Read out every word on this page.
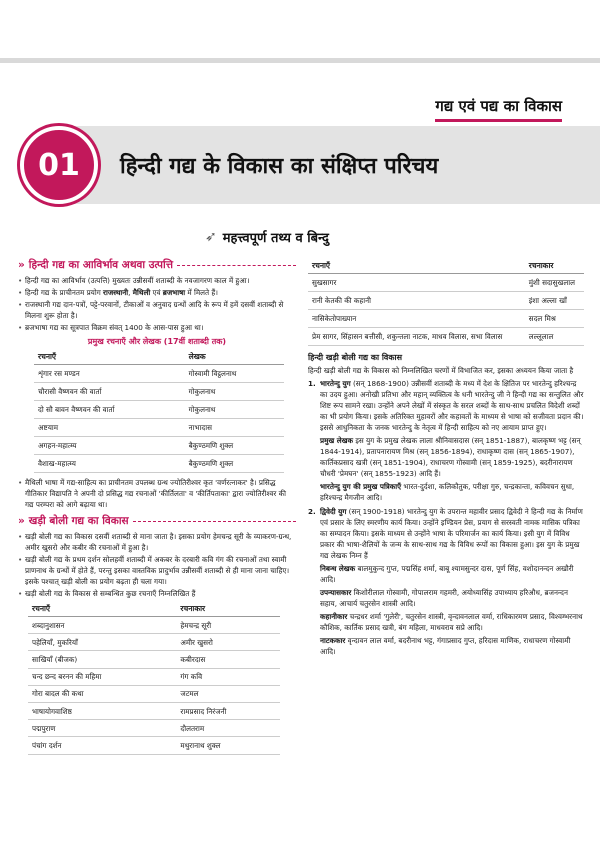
गद्य एवं पद्य का विकास
हिन्दी गद्य के विकास का संक्षिप्त परिचय
01
➶ महत्त्वपूर्ण तथ्य व बिन्दु
» हिन्दी गद्य का आविर्भाव अथवा उत्पत्ति
• हिन्दी गद्य का आविर्भाव (उत्पत्ति) मुख्यतः उन्नीसवीं शताब्दी के नवजागरण काल में हुआ।
• हिन्दी गद्य के प्राचीनतम प्रयोग राजस्थानी, मैथिली एवं ब्रजभाषा में मिलते हैं।
• राजस्थानी गद्य दान-पत्रों, पट्टे-परवानों, टीकाओं व अनुवाद ग्रन्थों आदि के रूप में हमें दसवीं शताब्दी से मिलना शुरू होता है।
• ब्रजभाषा गद्य का सूत्रपात विक्रम संवत् 1400 के आस-पास हुआ था।
प्रमुख रचनाएँ और लेखक (17वीं शताब्दी तक)
रचनाएँ	लेखक
शृंगार रस मण्डन	गोस्वामी विट्ठलनाथ
चौरासी वैष्णवन की वार्ता	गोकुलनाथ
दो सौ बावन वैष्णवन की वार्ता	गोकुलनाथ
अष्टयाम	नाभादास
अगहन-महात्म्य	बैकुण्ठमणि शुक्ल
वैशाख-महात्म्य	बैकुण्ठमणि शुक्ल
• मैथिली भाषा में गद्य-साहित्य का प्राचीनतम उपलब्ध ग्रन्थ ज्योतिरीश्वर कृत 'वर्णरत्नाकर' है। प्रसिद्ध गीतिकार विद्यापति ने अपनी दो प्रसिद्ध गद्य रचनाओं 'कीर्तिलता' व 'कीर्तिपताका' द्वारा ज्योतिरीश्वर की गद्य परम्परा को आगे बढ़ाया था।
» खड़ी बोली गद्य का विकास
• खड़ी बोली गद्य का विकास दसवीं शताब्दी से माना जाता है। इसका प्रयोग हेमचन्द्र सूरी के व्याकरण-ग्रन्थ, अमीर खुसरो और कबीर की रचनाओं में हुआ है।
• खड़ी बोली गद्य के प्रथम दर्शन सोलहवीं शताब्दी में अकबर के दरबारी कवि गंग की रचनाओं तथा स्वामी प्राणनाथ के ग्रन्थों में होते हैं, परन्तु इसका वास्तविक प्रादुर्भाव उन्नीसवीं शताब्दी से ही माना जाना चाहिए। इसके पश्चात् खड़ी बोली का प्रयोग बढ़ता ही चला गया।
• खड़ी बोली गद्य के विकास से सम्बन्धित कुछ रचनाएँ निम्नलिखित हैं
रचनाएँ	रचनाकार
शब्दानुशासन	हेमचन्द्र सूरी
पहेलियाँ, मुकरियाँ	अमीर खुसरो
साखियाँ (बीजक)	कबीरदास
चन्द छन्द बरनन की महिमा	गंग कवि
गोरा बादल की कथा	जटमल
भाषायोगवाशिष्ठ	रामप्रसाद निरंजनी
पद्मपुराण	दौलतराम
पंचांग दर्शन	मथुरानाथ शुक्ल
रचनाएँ	रचनाकार
सुखसागर	मुंशी सदासुखलाल
रानी केतकी की कहानी	इंशा अल्ला खाँ
नासिकेतोपाख्यान	सदल मिश्र
प्रेम सागर, सिंहासन बत्तीसी, शकुन्तला नाटक, माधव विलास, सभा विलास	लल्लूलाल
हिन्दी खड़ी बोली गद्य का विकास
हिन्दी खड़ी बोली गद्य के विकास को निम्नलिखित चरणों में विभाजित कर, इसका अध्ययन किया जाता है
1. भारतेन्दु युग (सन् 1868-1900) उन्नीसवीं शताब्दी के मध्य में देश के क्षितिज पर भारतेन्दु हरिश्चन्द्र का उदय हुआ। अनोखी प्रतिभा और महान् व्यक्तित्व के धनी भारतेन्दु जी ने हिन्दी गद्य का सन्तुलित और शिष्ट रूप सामने रखा। उन्होंने अपने लेखों में संस्कृत के सरल शब्दों के साथ-साथ प्रचलित विदेशी शब्दों का भी प्रयोग किया। इसके अतिरिक्त मुहावरों और कहावतों के माध्यम से भाषा को सजीवता प्रदान की। इससे आधुनिकता के जनक भारतेन्दु के नेतृत्व में हिन्दी साहित्य को नए आयाम प्राप्त हुए।
प्रमुख लेखक इस युग के प्रमुख लेखक लाला श्रीनिवासदास (सन् 1851-1887), बालकृष्ण भट्ट (सन् 1844-1914), प्रतापनारायण मिश्र (सन् 1856-1894), राधाकृष्ण दास (सन् 1865-1907), कार्तिकप्रसाद खत्री (सन् 1851-1904), राधाचरण गोस्वामी (सन् 1859-1925), बदरीनारायण चौधरी 'प्रेमघन' (सन् 1855-1923) आदि हैं।
भारतेन्दु युग की प्रमुख पत्रिकाएँ भारत-दुर्दशा, कलिकौतुक, परीक्षा गुरु, चन्द्रकान्ता, कविवचन सुधा, हरिश्चन्द्र मैगजीन आदि।
2. द्विवेदी युग (सन् 1900-1918) भारतेन्दु युग के उपरान्त महावीर प्रसाद द्विवेदी ने हिन्दी गद्य के निर्माण एवं प्रसार के लिए स्मरणीय कार्य किया। उन्होंने इण्डियन प्रेस, प्रयाग से सरस्वती नामक मासिक पत्रिका का सम्पादन किया। इसके माध्यम से उन्होंने भाषा के परिमार्जन का कार्य किया। इसी युग में विविध प्रकार की भाषा-शैलियों के जन्म के साथ-साथ गद्य के विविध रूपों का विकास हुआ। इस युग के प्रमुख गद्य लेखक निम्न हैं
निबन्ध लेखक बालमुकुन्द गुप्त, पद्मसिंह शर्मा, बाबू श्यामसुन्दर दास, पूर्ण सिंह, वशोदानन्दन अखौरी आदि।
उपन्यासकार किशोरीलाल गोस्वामी, गोपालराम गहमरी, अयोध्यासिंह उपाध्याय हरिऔध, ब्रजनन्दन सहाय, आचार्य चतुरसेन शास्त्री आदि।
कहानीकार चन्द्रधर शर्मा 'गुलेरी', चतुरसेन शास्त्री, वृन्दावनलाल वर्मा, राधिकारमण प्रसाद, विश्वम्भरनाथ कौशिक, कार्तिक प्रसाद खत्री, बंग महिला, माधवराव सप्रे आदि।
नाटककार वृन्दावन लाल वर्मा, बदरीनाथ भट्ट, गंगाप्रसाद गुप्त, हरिदास माणिक, राधाचरण गोस्वामी आदि।
